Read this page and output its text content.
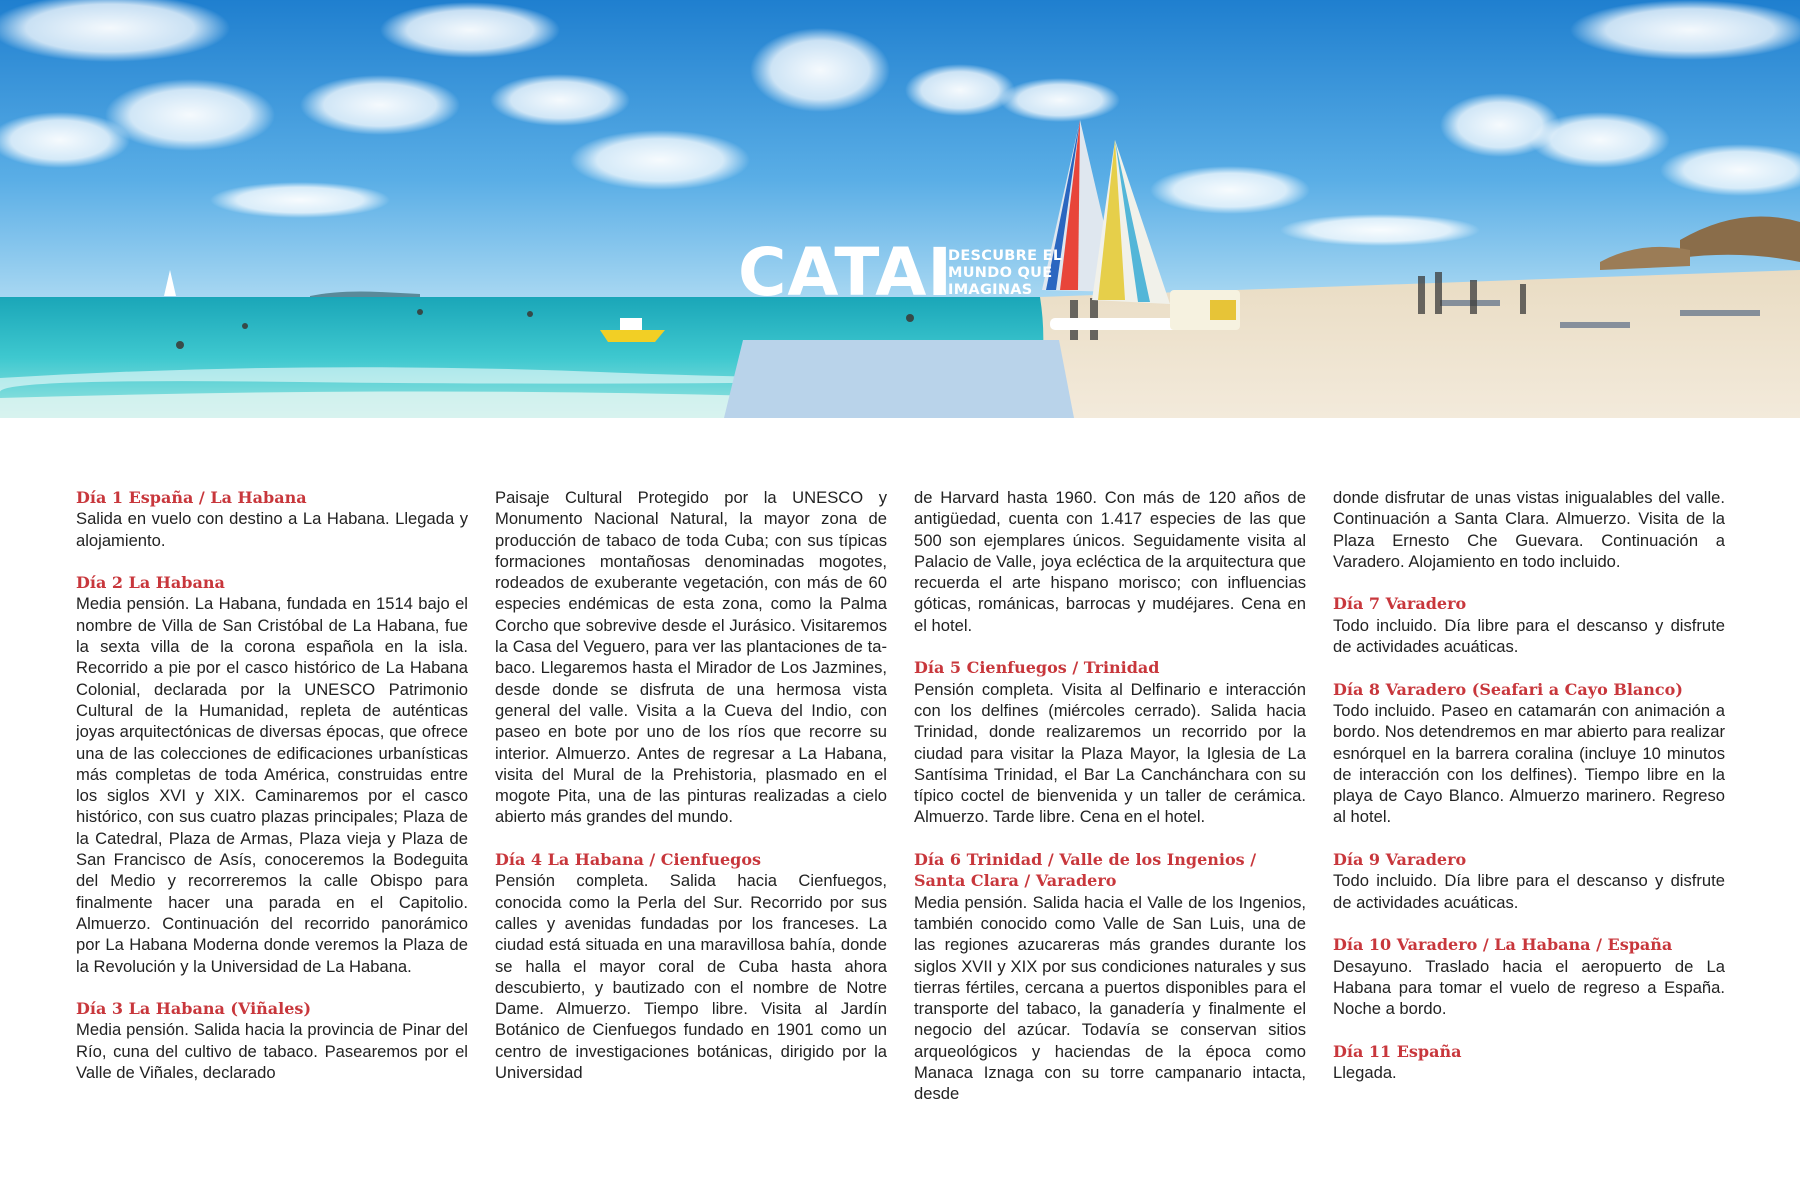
CATAI
DESCUBRE EL
MUNDO QUE
IMAGINAS
Día 1 España / La Habana

Salida en vuelo con destino a La Habana. Llegada y alojamiento.

Día 2 La Habana

Media pensión. La Habana, fundada en 1514 bajo el nombre de Villa de San Cristóbal de La Habana, fue la sexta villa de la corona española en la isla. Recorrido a pie por el casco histórico de La Habana Colonial, declarada por la UNESCO Patrimonio Cultural de la Humanidad, repleta de auténticas joyas arquitectónicas de diversas épocas, que ofrece una de las colecciones de edificaciones urbanísticas más completas de toda América, construidas entre los siglos XVI y XIX. Caminaremos por el casco histórico, con sus cuatro plazas principales; Plaza de la Catedral, Plaza de Armas, Plaza vieja y Plaza de San Francisco de Asís, conoceremos la Bodeguita del Medio y recorreremos la calle Obispo para finalmente hacer una parada en el Capitolio. Almuerzo. Continuación del recorrido panorámico por La Habana Moderna donde veremos la Plaza de la Revolución y la Universidad de La Habana.

Día 3 La Habana (Viñales)

Media pensión. Salida hacia la provincia de Pinar del Río, cuna del cultivo de tabaco. Pasearemos por el Valle de Viñales, declarado

Paisaje Cultural Protegido por la UNESCO y Monumento Nacional Natural, la mayor zona de producción de tabaco de toda Cuba; con sus típicas formaciones montañosas denominadas mogotes, rodeados de exuberante vegetación, con más de 60 especies endémicas de esta zona, como la Palma Corcho que sobrevive desde el Jurásico. Visitaremos la Casa del Veguero, para ver las plantaciones de tabaco. Llegaremos hasta el Mirador de Los Jazmines, desde donde se disfruta de una hermosa vista general del valle. Visita a la Cueva del Indio, con paseo en bote por uno de los ríos que recorre su interior. Almuerzo. Antes de regresar a La Habana, visita del Mural de la Prehistoria, plasmado en el mogote Pita, una de las pinturas realizadas a cielo abierto más grandes del mundo.

Día 4 La Habana / Cienfuegos

Pensión completa. Salida hacia Cienfuegos, conocida como la Perla del Sur. Recorrido por sus calles y avenidas fundadas por los franceses. La ciudad está situada en una maravillosa bahía, donde se halla el mayor coral de Cuba hasta ahora descubierto, y bautizado con el nombre de Notre Dame. Almuerzo. Tiempo libre. Visita al Jardín Botánico de Cienfuegos fundado en 1901 como un centro de investigaciones botánicas, dirigido por la Universidad

de Harvard hasta 1960. Con más de 120 años de antigüedad, cuenta con 1.417 especies de las que 500 son ejemplares únicos. Seguidamente visita al Palacio de Valle, joya ecléctica de la arquitectura que recuerda el arte hispano morisco; con influencias góticas, románicas, barrocas y mudéjares. Cena en el hotel.

Día 5 Cienfuegos / Trinidad

Pensión completa. Visita al Delfinario e interacción con los delfines (miércoles cerrado). Salida hacia Trinidad, donde realizaremos un recorrido por la ciudad para visitar la Plaza Mayor, la Iglesia de La Santísima Trinidad, el Bar La Canchánchara con su típico coctel de bienvenida y un taller de cerámica. Almuerzo. Tarde libre. Cena en el hotel.

Día 6 Trinidad / Valle de los Ingenios / Santa Clara / Varadero

Media pensión. Salida hacia el Valle de los Ingenios, también conocido como Valle de San Luis, una de las regiones azucareras más grandes durante los siglos XVII y XIX por sus condiciones naturales y sus tierras fértiles, cercana a puertos disponibles para el transporte del tabaco, la ganadería y finalmente el negocio del azúcar. Todavía se conservan sitios arqueológicos y haciendas de la época como Manaca Iznaga con su torre campanario intacta, desde

donde disfrutar de unas vistas inigualables del valle. Continuación a Santa Clara. Almuerzo. Visita de la Plaza Ernesto Che Guevara. Continuación a Varadero. Alojamiento en todo incluido.

Día 7 Varadero

Todo incluido. Día libre para el descanso y disfrute de actividades acuáticas.

Día 8 Varadero (Seafari a Cayo Blanco)

Todo incluido. Paseo en catamarán con animación a bordo. Nos detendremos en mar abierto para realizar esnórquel en la barrera coralina (incluye 10 minutos de interacción con los delfines). Tiempo libre en la playa de Cayo Blanco. Almuerzo marinero. Regreso al hotel.

Día 9 Varadero

Todo incluido. Día libre para el descanso y disfrute de actividades acuáticas.

Día 10 Varadero / La Habana / España

Desayuno. Traslado hacia el aeropuerto de La Habana para tomar el vuelo de regreso a España. Noche a bordo.

Día 11 España

Llegada.
